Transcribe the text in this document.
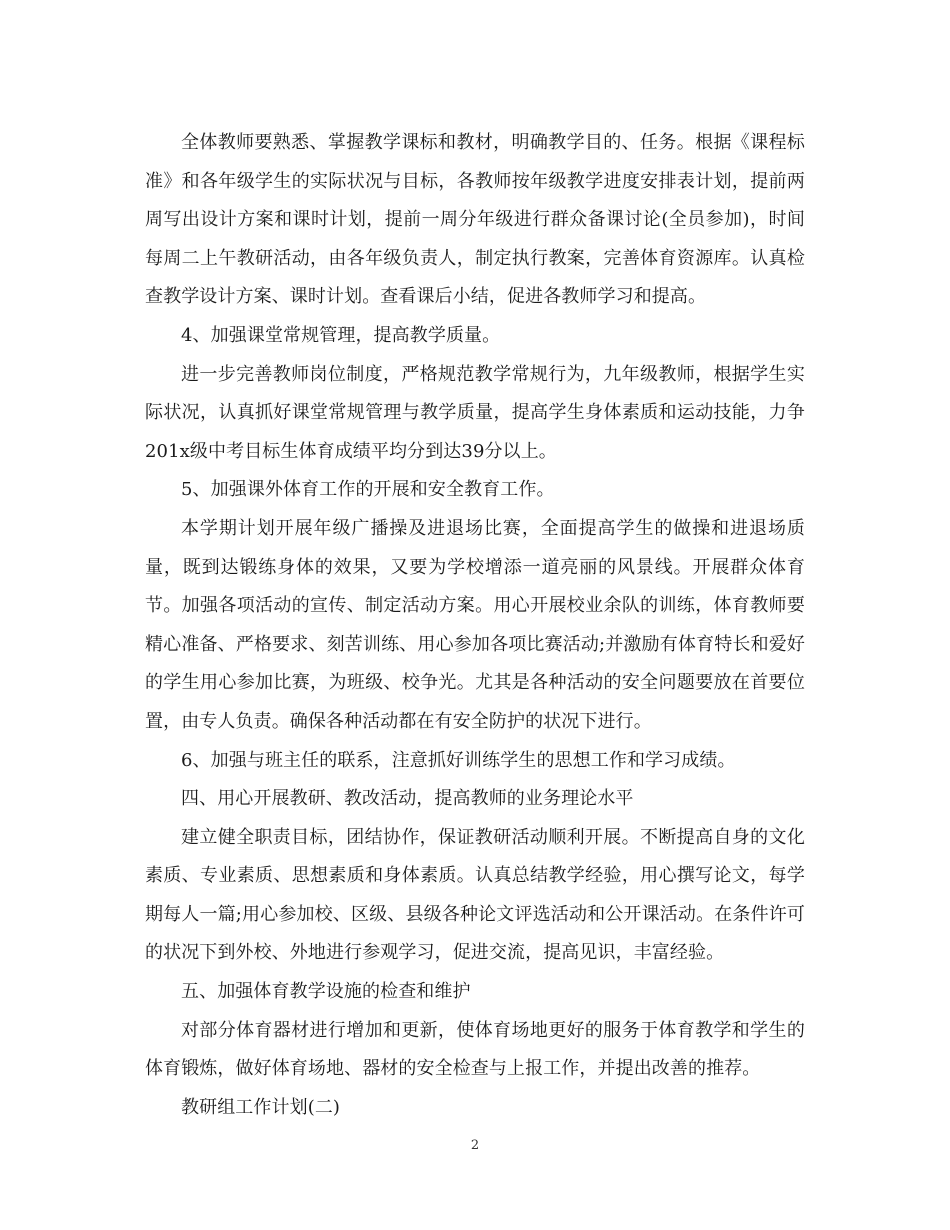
全体教师要熟悉、掌握教学课标和教材，明确教学目的、任务。根据《课程标准》和各年级学生的实际状况与目标，各教师按年级教学进度安排表计划，提前两周写出设计方案和课时计划，提前一周分年级进行群众备课讨论(全员参加)，时间每周二上午教研活动，由各年级负责人，制定执行教案，完善体育资源库。认真检查教学设计方案、课时计划。查看课后小结，促进各教师学习和提高。

4、加强课堂常规管理，提高教学质量。

进一步完善教师岗位制度，严格规范教学常规行为，九年级教师，根据学生实际状况，认真抓好课堂常规管理与教学质量，提高学生身体素质和运动技能，力争201x级中考目标生体育成绩平均分到达39分以上。

5、加强课外体育工作的开展和安全教育工作。

本学期计划开展年级广播操及进退场比赛，全面提高学生的做操和进退场质量，既到达锻练身体的效果，又要为学校增添一道亮丽的风景线。开展群众体育节。加强各项活动的宣传、制定活动方案。用心开展校业余队的训练，体育教师要精心准备、严格要求、刻苦训练、用心参加各项比赛活动;并激励有体育特长和爱好的学生用心参加比赛，为班级、校争光。尤其是各种活动的安全问题要放在首要位置，由专人负责。确保各种活动都在有安全防护的状况下进行。

6、加强与班主任的联系，注意抓好训练学生的思想工作和学习成绩。

四、用心开展教研、教改活动，提高教师的业务理论水平

建立健全职责目标，团结协作，保证教研活动顺利开展。不断提高自身的文化素质、专业素质、思想素质和身体素质。认真总结教学经验，用心撰写论文，每学期每人一篇;用心参加校、区级、县级各种论文评选活动和公开课活动。在条件许可的状况下到外校、外地进行参观学习，促进交流，提高见识，丰富经验。

五、加强体育教学设施的检查和维护

对部分体育器材进行增加和更新，使体育场地更好的服务于体育教学和学生的体育锻炼，做好体育场地、器材的安全检查与上报工作，并提出改善的推荐。

教研组工作计划(二)

2
